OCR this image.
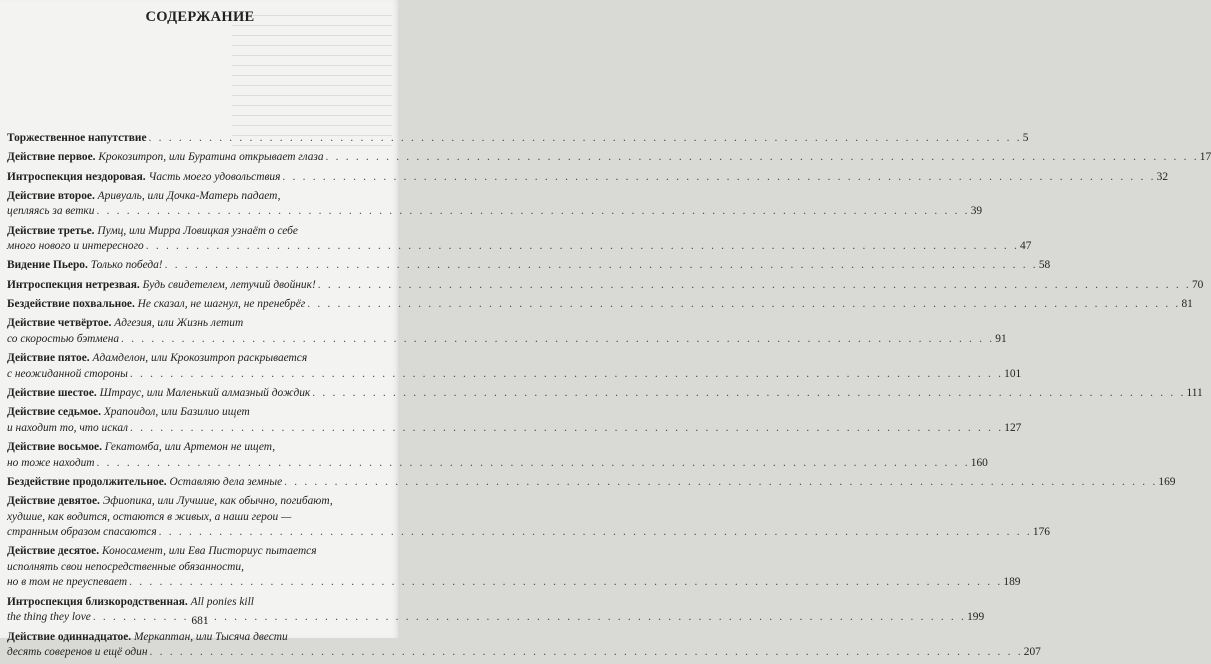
СОДЕРЖАНИЕ
Торжественное напутствие . . .	5
Действие первое. Крокозитроп, или Буратина открывает глаза . . .	17
Интроспекция нездоровая. Часть моего удовольствия . . .	32
Действие второе. Аривуаль, или Дочка-Матерь падает,
цепляясь за ветки . . .	39
Действие третье. Пумц, или Мирра Ловицкая узнаёт о себе
много нового и интересного . . .	47
Видение Пьеро. Только победа! . . .	58
Интроспекция нетрезвая. Будь свидетелем, летучий двойник! . . .	70
Бездействие похвальное. Не сказал, не шагнул, не пренебрёг . . .	81
Действие четвёртое. Адгезия, или Жизнь летит
со скоростью бэтмена . . .	91
Действие пятое. Адамделон, или Крокозитроп раскрывается
с неожиданной стороны . . .	101
Действие шестое. Штраус, или Маленький алмазный дождик . . .	111
Действие седьмое. Храпоидол, или Базилио ищет
и находит то, что искал . . .	127
Действие восьмое. Гекатомба, или Артемон не ищет,
но тоже находит . . .	160
Бездействие продолжительное. Оставляю дела земные . . .	169
Действие девятое. Эфиопика, или Лучшие, как обычно, погибают,
худшие, как водится, остаются в живых, а наши герои —
странным образом спасаются . . .	176
Действие десятое. Коносамент, или Ева Писториус пытается
исполнять свои непосредственные обязанности,
но в том не преуспевает . . .	189
Интроспекция близкородственная. All ponies kill
the thing they love . . .	199
Действие одиннадцатое. Меркаптан, или Тысяча двести
десять соверенов и ещё один . . .	207
681
